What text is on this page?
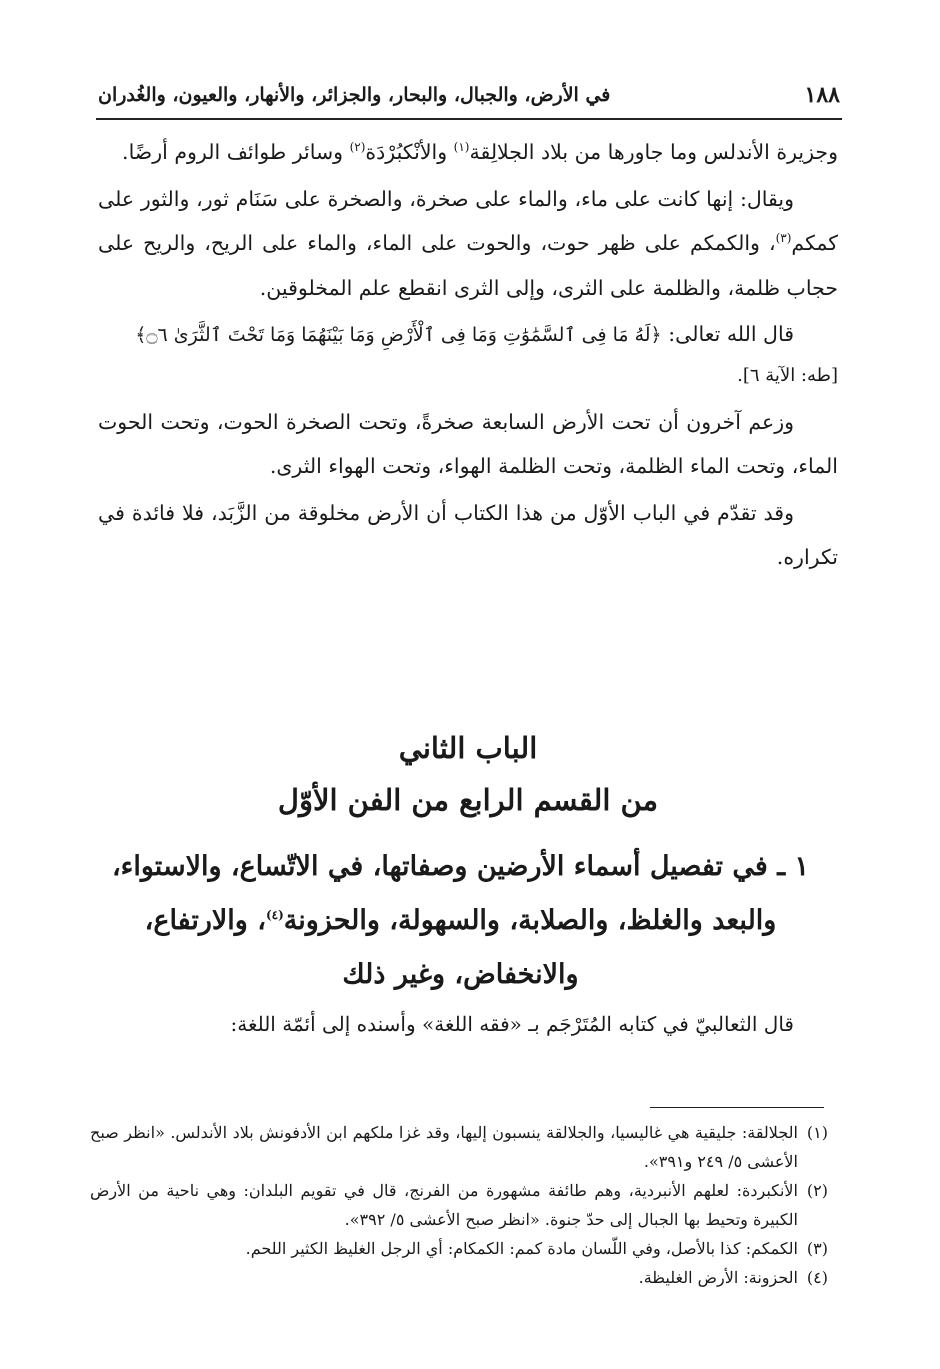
١٨٨
في الأرض، والجبال، والبحار، والجزائر، والأنهار، والعيون، والغُدران

وجزيرة الأندلس وما جاورها من بلاد الجلالِقة$^{(١)}$ والأنْكبُرْدَة$^{(٢)}$ وسائر طوائف الروم أرضًا.

ويقال: إنها كانت على ماء، والماء على صخرة، والصخرة على سَنَام ثور، والثور على كمكم$^{(٣)}$، والكمكم على ظهر حوت، والحوت على الماء، والماء على الريح، والريح على حجاب ظلمة، والظلمة على الثرى، وإلى الثرى انقطع علم المخلوقين.

قال الله تعالى: ﴿لَهُ مَا فِى ٱلسَّمَٰوَٰتِ وَمَا فِى ٱلْأَرْضِ وَمَا بَيْنَهُمَا وَمَا تَحْتَ ٱلثَّرَىٰ ۝٦﴾
[طه: الآية ٦].

وزعم آخرون أن تحت الأرض السابعة صخرةً، وتحت الصخرة الحوت، وتحت الحوت الماء، وتحت الماء الظلمة، وتحت الظلمة الهواء، وتحت الهواء الثرى.

وقد تقدّم في الباب الأوّل من هذا الكتاب أن الأرض مخلوقة من الزَّبَد، فلا فائدة في تكراره.

الباب الثاني
من القسم الرابع من الفن الأوّل
١ ـ في تفصيل أسماء الأرضين وصفاتها، في الاتّساع، والاستواء، والبعد والغلظ، والصلابة، والسهولة، والحزونة$^{(٤)}$، والارتفاع، والانخفاض، وغير ذلك
قال الثعالبيّ في كتابه المُتَرْجَم بـ «فقه اللغة» وأسنده إلى أئمّة اللغة:
(١)
الجلالقة: جليقية هي غاليسيا، والجلالقة ينسبون إليها، وقد غزا ملكهم ابن الأدفونش بلاد الأندلس. «انظر صبح الأعشى ٥/ ٢٤٩ و٣٩١».
(٢)
الأنكبردة: لعلهم الأنبردية، وهم طائفة مشهورة من الفرنج، قال في تقويم البلدان: وهي ناحية من الأرض الكبيرة وتحيط بها الجبال إلى حدّ جنوة. «انظر صبح الأعشى ٥/ ٣٩٢».
(٣)
الكمكم: كذا بالأصل، وفي اللّسان مادة كمم: الكمكام: أي الرجل الغليظ الكثير اللحم.
(٤)
الحزونة: الأرض الغليظة.
